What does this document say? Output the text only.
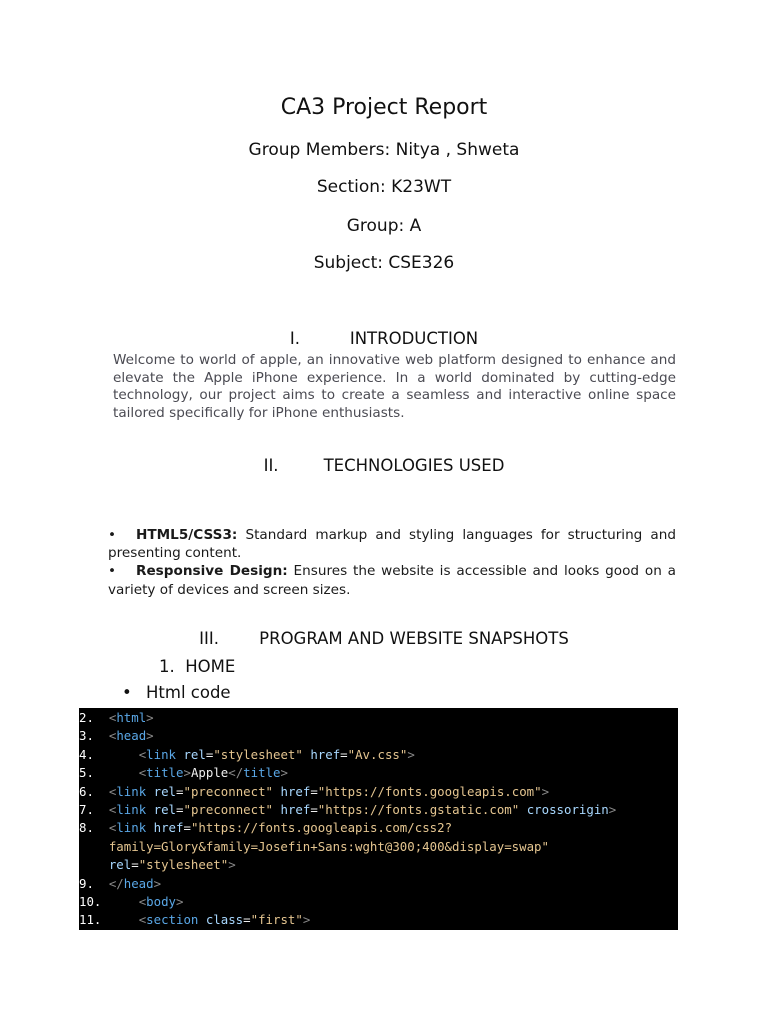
CA3 Project Report
Group Members: Nitya , Shweta
Section: K23WT
Group: A
Subject: CSE326
I.	INTRODUCTION
Welcome to world of apple, an innovative web platform designed to enhance and elevate the Apple iPhone experience. In a world dominated by cutting-edge technology, our project aims to create a seamless and interactive online space tailored specifically for iPhone enthusiasts.
II.	TECHNOLOGIES USED
• HTML5/CSS3: Standard markup and styling languages for structuring and presenting content.
• Responsive Design: Ensures the website is accessible and looks good on a variety of devices and screen sizes.
III. PROGRAM AND WEBSITE SNAPSHOTS
1.  HOME
• Html code
2.  <html>
3.  <head>
4.      <link rel="stylesheet" href="Av.css">
5.      <title>Apple</title>
6.  <link rel="preconnect" href="https://fonts.googleapis.com">
7.  <link rel="preconnect" href="https://fonts.gstatic.com" crossorigin>
8.  <link href="https://fonts.googleapis.com/css2?
family=Glory&family=Josefin+Sans:wght@300;400&display=swap"
rel="stylesheet">
9.  </head>
10.     <body>
11.     <section class="first">
